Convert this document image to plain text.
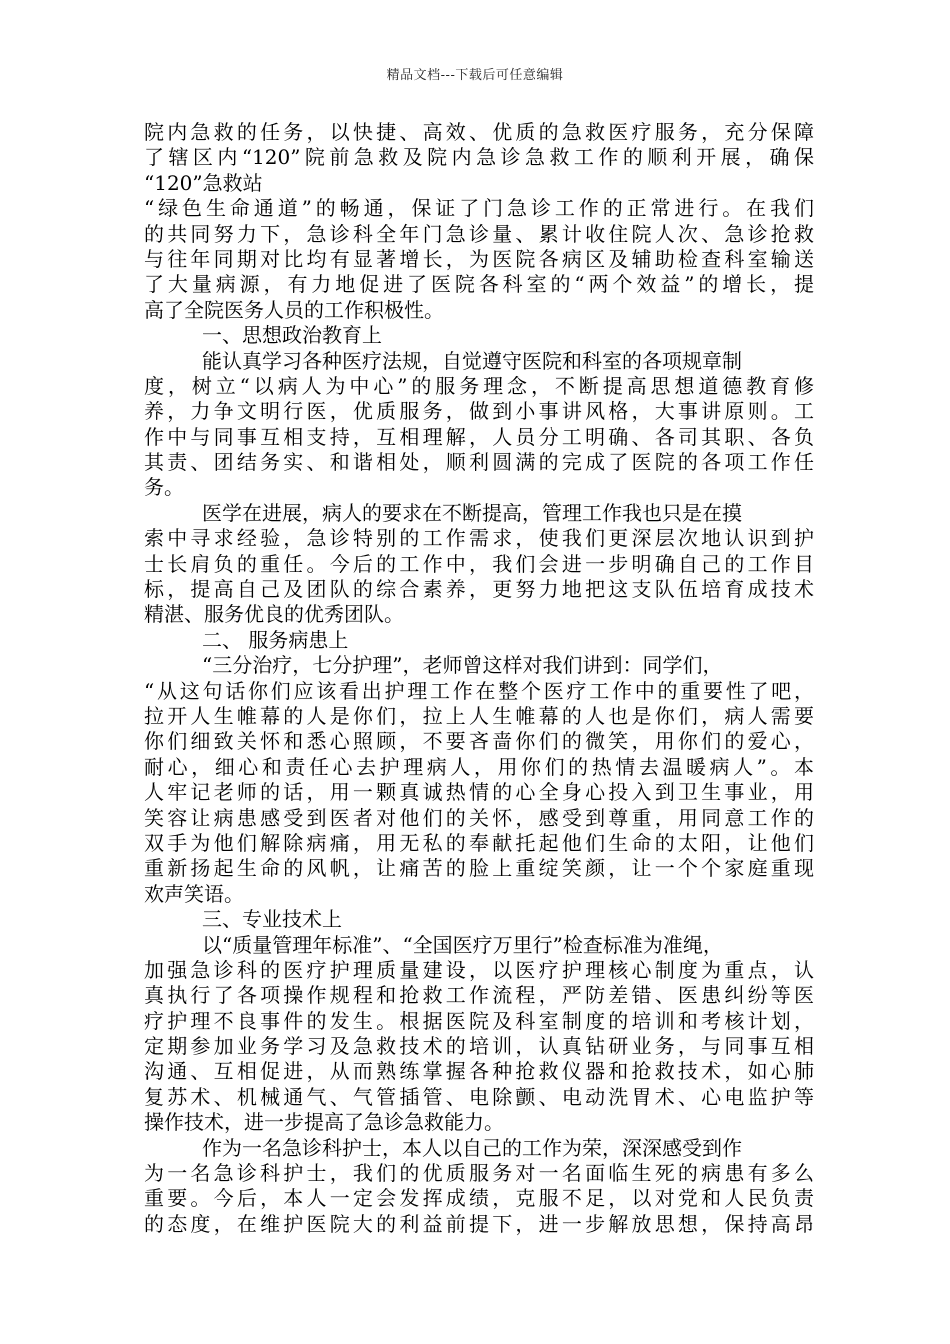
精品文档---下载后可任意编辑
院内急救的任务，以快捷、高效、优质的急救医疗服务，充分保障
了辖区内“120”院前急救及院内急诊急救工作的顺利开展，确保
“120”急救站
“绿色生命通道”的畅通，保证了门急诊工作的正常进行。在我们
的共同努力下，急诊科全年门急诊量、累计收住院人次、急诊抢救
与往年同期对比均有显著增长，为医院各病区及辅助检查科室输送
了大量病源，有力地促进了医院各科室的“两个效益”的增长，提
高了全院医务人员的工作积极性。
一、思想政治教育上
能认真学习各种医疗法规，自觉遵守医院和科室的各项规章制
度，树立“以病人为中心”的服务理念，不断提高思想道德教育修
养，力争文明行医，优质服务，做到小事讲风格，大事讲原则。工
作中与同事互相支持，互相理解，人员分工明确、各司其职、各负
其责、团结务实、和谐相处，顺利圆满的完成了医院的各项工作任
务。
医学在进展，病人的要求在不断提高，管理工作我也只是在摸
索中寻求经验，急诊特别的工作需求，使我们更深层次地认识到护
士长肩负的重任。今后的工作中，我们会进一步明确自己的工作目
标，提高自己及团队的综合素养，更努力地把这支队伍培育成技术
精湛、服务优良的优秀团队。
二、 服务病患上
“三分治疗，七分护理”，老师曾这样对我们讲到：同学们，
“从这句话你们应该看出护理工作在整个医疗工作中的重要性了吧，
拉开人生帷幕的人是你们，拉上人生帷幕的人也是你们，病人需要
你们细致关怀和悉心照顾，不要吝啬你们的微笑，用你们的爱心，
耐心，细心和责任心去护理病人，用你们的热情去温暖病人”。本
人牢记老师的话，用一颗真诚热情的心全身心投入到卫生事业，用
笑容让病患感受到医者对他们的关怀，感受到尊重，用同意工作的
双手为他们解除病痛，用无私的奉献托起他们生命的太阳，让他们
重新扬起生命的风帆，让痛苦的脸上重绽笑颜，让一个个家庭重现
欢声笑语。
三、专业技术上
以“质量管理年标准”、“全国医疗万里行”检查标准为准绳，
加强急诊科的医疗护理质量建设，以医疗护理核心制度为重点，认
真执行了各项操作规程和抢救工作流程，严防差错、医患纠纷等医
疗护理不良事件的发生。根据医院及科室制度的培训和考核计划，
定期参加业务学习及急救技术的培训，认真钻研业务，与同事互相
沟通、互相促进，从而熟练掌握各种抢救仪器和抢救技术，如心肺
复苏术、机械通气、气管插管、电除颤、电动洗胃术、心电监护等
操作技术，进一步提高了急诊急救能力。
作为一名急诊科护士，本人以自己的工作为荣，深深感受到作
为一名急诊科护士，我们的优质服务对一名面临生死的病患有多么
重要。今后，本人一定会发挥成绩，克服不足，以对党和人民负责
的态度，在维护医院大的利益前提下，进一步解放思想，保持高昂
